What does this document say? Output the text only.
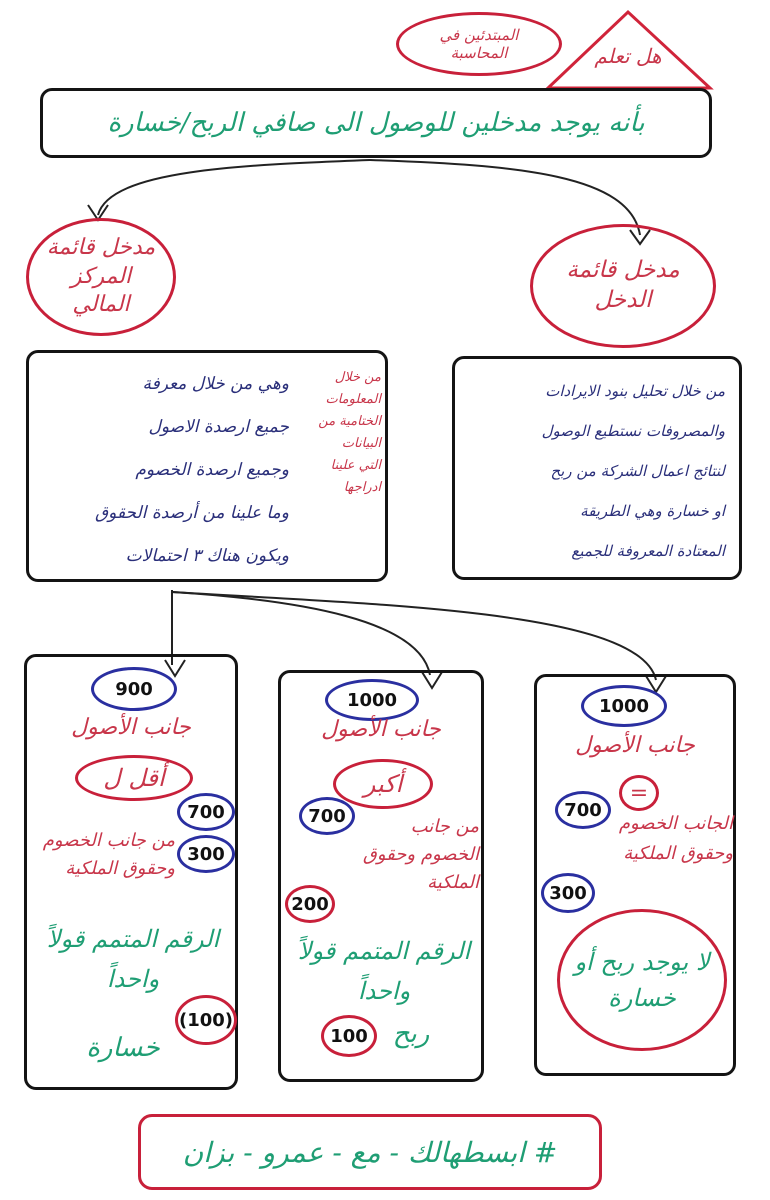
هل تعلم
المبتدئين في المحاسبة
بأنه يوجد مدخلين للوصول الى صافي الربح/خسارة
مدخل قائمة المركز المالي
مدخل قائمة الدخل
وهي من خلال معرفة
جميع ارصدة الاصول
وجميع ارصدة الخصوم
وما علينا من أرصدة الحقوق
ويكون هناك ٣ احتمالات
من خلال المعلومات
الختامية من البيانات
التي علينا ادراجها
من خلال تحليل بنود الايرادات
والمصروفات نستطيع الوصول
لنتائج اعمال الشركة من ربح
او خسارة وهي الطريقة
المعتادة المعروفة للجميع
900
جانب الأصول
أقل ل
700
300
من جانب الخصوم وحقوق الملكية
الرقم المتمم قولاً واحداً
(100)
خسارة
1000
جانب الأصول
أكبر
700	من جانب الخصوم وحقوق الملكية
200
الرقم المتمم قولاً واحداً
100 ربح
1000
جانب الأصول
=
700
الجانب الخصوم وحقوق الملكية
300
لا يوجد ربح أو خسارة
# ابسطهالك - مع - عمرو - بزان
